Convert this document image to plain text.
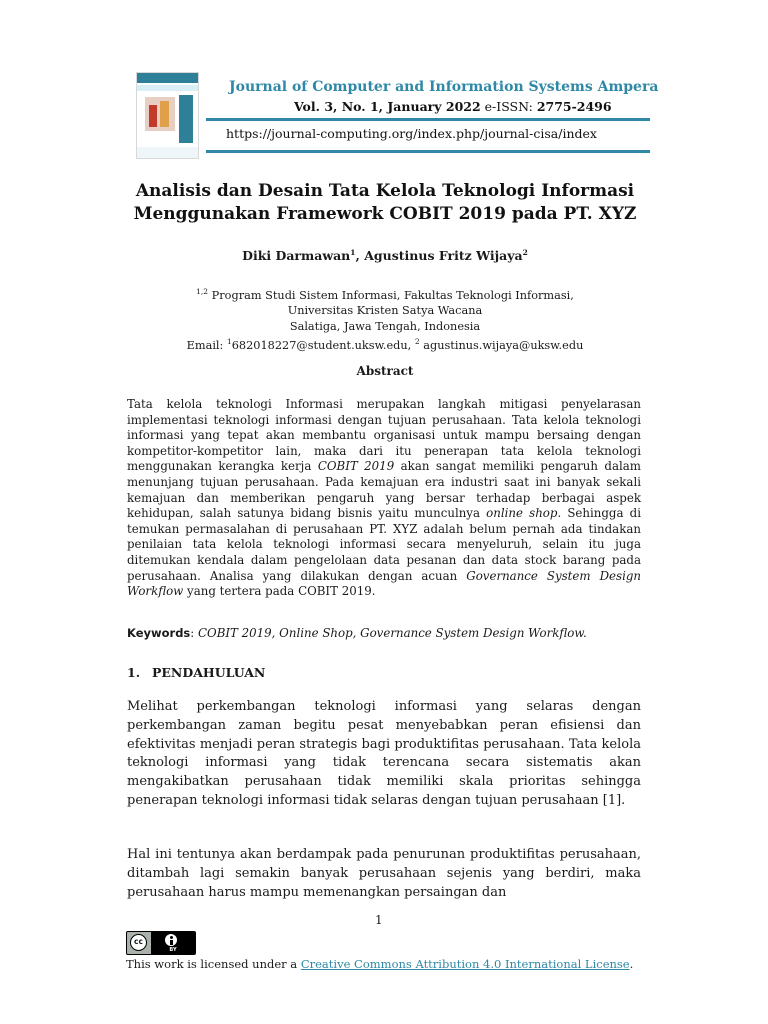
Journal of Computer and Information Systems Ampera
Vol. 3, No. 1, January 2022 e-ISSN: 2775-2496
https://journal-computing.org/index.php/journal-cisa/index
Analisis dan Desain Tata Kelola Teknologi Informasi
Menggunakan Framework COBIT 2019 pada PT. XYZ
Diki Darmawan$^1$, Agustinus Fritz Wijaya$^2$
$^{1,2}$ Program Studi Sistem Informasi, Fakultas Teknologi Informasi,
Universitas Kristen Satya Wacana
Salatiga, Jawa Tengah, Indonesia
Email: $^1$682018227@student.uksw.edu, $^2$ agustinus.wijaya@uksw.edu
Abstract
Tata kelola teknologi Informasi merupakan langkah mitigasi penyelarasan implementasi teknologi informasi dengan tujuan perusahaan. Tata kelola teknologi informasi yang tepat akan membantu organisasi untuk mampu bersaing dengan kompetitor-kompetitor lain, maka dari itu penerapan tata kelola teknologi menggunakan kerangka kerja COBIT 2019 akan sangat memiliki pengaruh dalam menunjang tujuan perusahaan. Pada kemajuan era industri saat ini banyak sekali kemajuan dan memberikan pengaruh yang bersar terhadap berbagai aspek kehidupan, salah satunya bidang bisnis yaitu munculnya online shop. Sehingga di temukan permasalahan di perusahaan PT. XYZ adalah belum pernah ada tindakan penilaian tata kelola teknologi informasi secara menyeluruh, selain itu juga ditemukan kendala dalam pengelolaan data pesanan dan data stock barang pada perusahaan. Analisa yang dilakukan dengan acuan Governance System Design Workflow yang tertera pada COBIT 2019.
Keywords: COBIT 2019, Online Shop, Governance System Design Workflow.
1. PENDAHULUAN
Melihat perkembangan teknologi informasi yang selaras dengan perkembangan zaman begitu pesat menyebabkan peran efisiensi dan efektivitas menjadi peran strategis bagi produktifitas perusahaan. Tata kelola teknologi informasi yang tidak terencana secara sistematis akan mengakibatkan perusahaan tidak memiliki skala prioritas sehingga penerapan teknologi informasi tidak selaras dengan tujuan perusahaan [1].
Hal ini tentunya akan berdampak pada penurunan produktifitas perusahaan, ditambah lagi semakin banyak perusahaan sejenis yang berdiri, maka perusahaan harus mampu memenangkan persaingan dan
1
cc
BY
This work is licensed under a Creative Commons Attribution 4.0 International License.
